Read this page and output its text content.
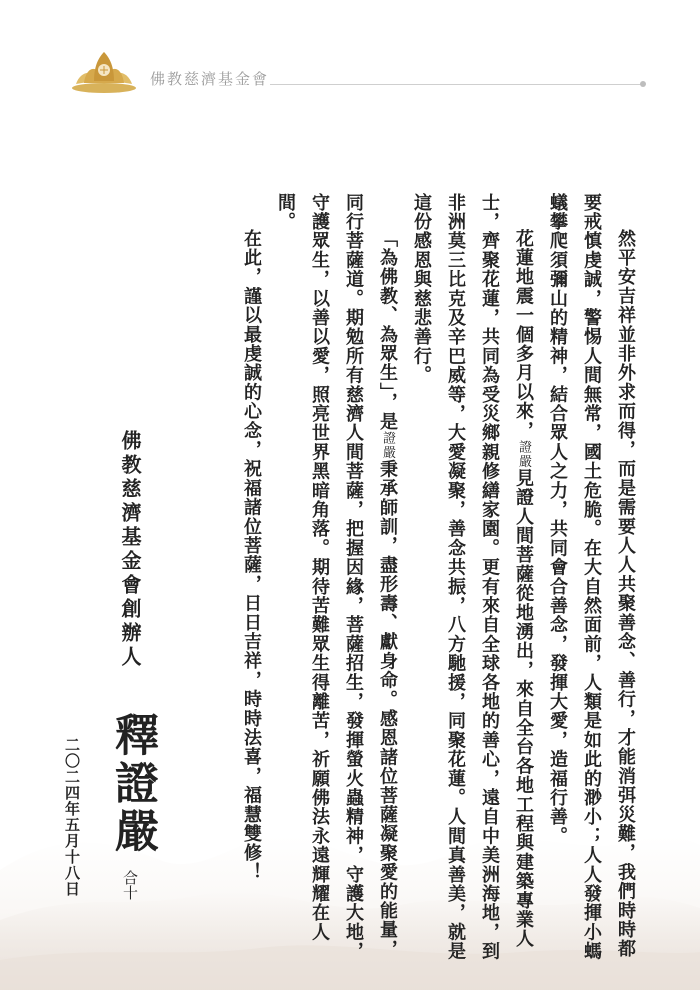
佛教慈濟基金會

然平安吉祥並非外求而得，而是需要人人共聚善念、善行，才能消弭災難，我們時時都要戒慎虔誠，警惕人間無常，國土危脆。在大自然面前，人類是如此的渺小；人人發揮小螞蟻攀爬須彌山的精神，結合眾人之力，共同會合善念，發揮大愛，造福行善。

花蓮地震一個多月以來，證嚴見證人間菩薩從地湧出，來自全台各地工程與建築專業人士，齊聚花蓮，共同為受災鄉親修繕家園。更有來自全球各地的善心，遠自中美洲海地，到非洲莫三比克及辛巴威等，大愛凝聚，善念共振，八方馳援，同聚花蓮。人間真善美，就是這份感恩與慈悲善行。

「為佛教、為眾生」，是證嚴秉承師訓，盡形壽、獻身命。感恩諸位菩薩凝聚愛的能量，同行菩薩道。期勉所有慈濟人間菩薩，把握因緣，菩薩招生，發揮螢火蟲精神，守護大地，守護眾生，以善以愛，照亮世界黑暗角落。期待苦難眾生得離苦，祈願佛法永遠輝耀在人間。

在此，謹以最虔誠的心念，祝福諸位菩薩，日日吉祥，時時法喜，福慧雙修！

佛教慈濟基金會創辦人
釋證嚴
合十
二〇二四年五月十八日
